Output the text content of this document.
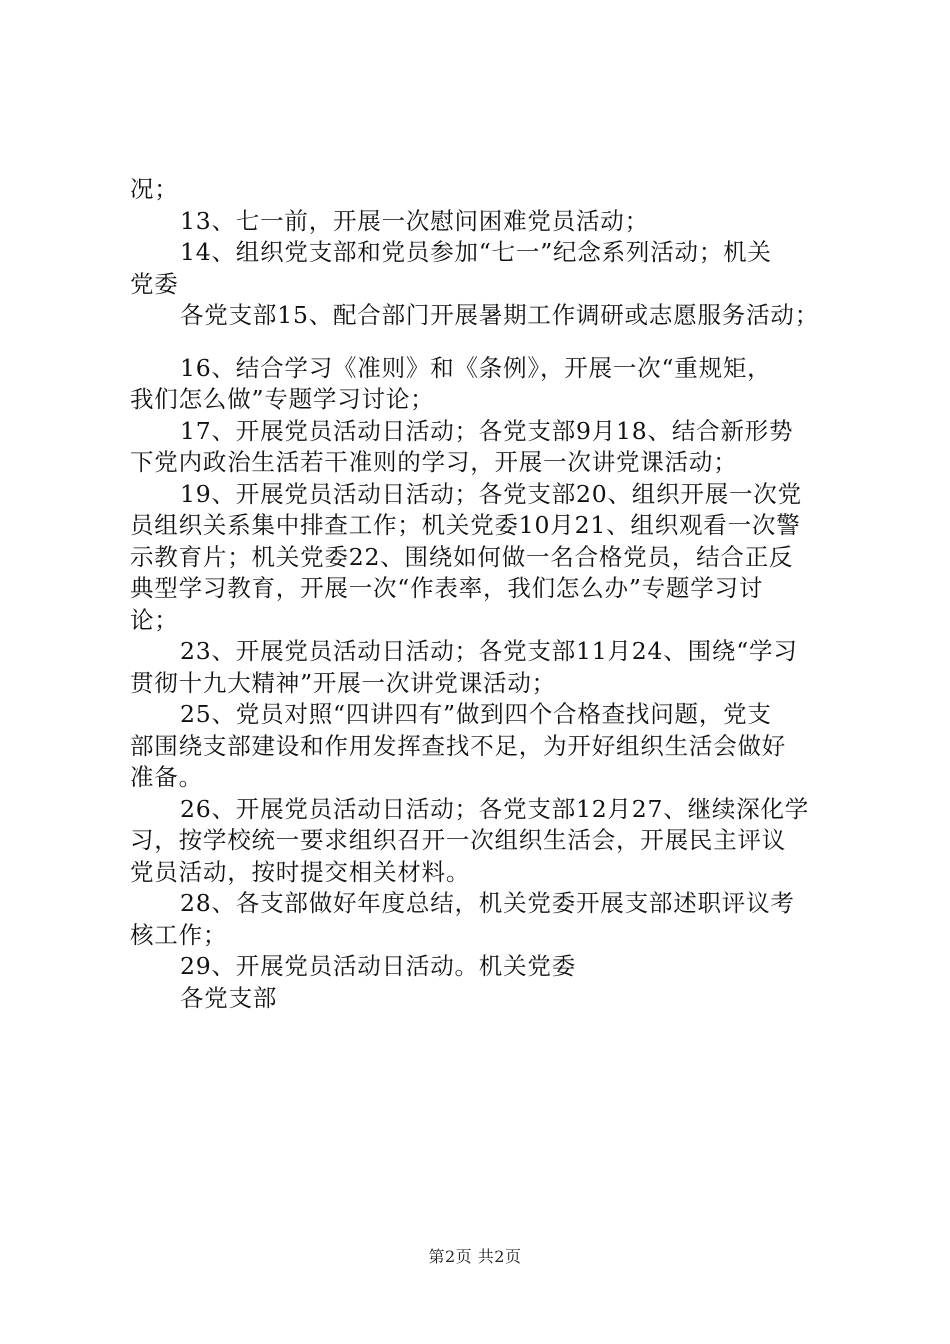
况；
13、七一前，开展一次慰问困难党员活动；
14、组织党支部和党员参加“七一”纪念系列活动；机关
党委
各党支部15、配合部门开展暑期工作调研或志愿服务活动；
16、结合学习《准则》和《条例》，开展一次“重规矩，
我们怎么做”专题学习讨论；
17、开展党员活动日活动；各党支部9月18、结合新形势
下党内政治生活若干准则的学习，开展一次讲党课活动；
19、开展党员活动日活动；各党支部20、组织开展一次党
员组织关系集中排查工作；机关党委10月21、组织观看一次警
示教育片；机关党委22、围绕如何做一名合格党员，结合正反
典型学习教育，开展一次“作表率，我们怎么办”专题学习讨
论；
23、开展党员活动日活动；各党支部11月24、围绕“学习
贯彻十九大精神”开展一次讲党课活动；
25、党员对照“四讲四有”做到四个合格查找问题，党支
部围绕支部建设和作用发挥查找不足，为开好组织生活会做好
准备。
26、开展党员活动日活动；各党支部12月27、继续深化学
习，按学校统一要求组织召开一次组织生活会，开展民主评议
党员活动，按时提交相关材料。
28、各支部做好年度总结，机关党委开展支部述职评议考
核工作；
29、开展党员活动日活动。机关党委
各党支部
第2页 共2页
